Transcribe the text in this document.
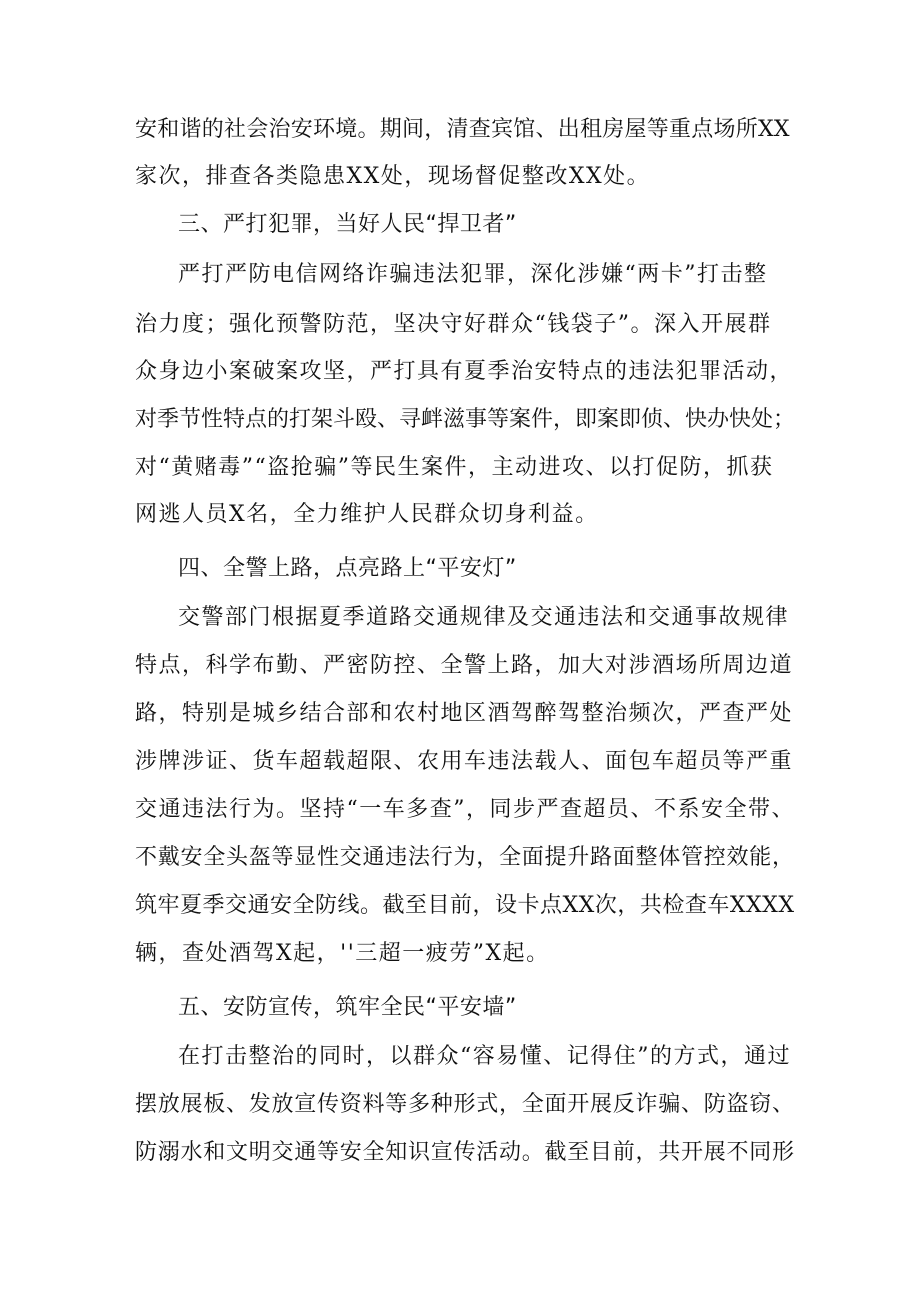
安和谐的社会治安环境。期间，清查宾馆、出租房屋等重点场所XX
家次，排查各类隐患XX处，现场督促整改XX处。
三、严打犯罪，当好人民“捍卫者”
严打严防电信网络诈骗违法犯罪，深化涉嫌“两卡”打击整
治力度；强化预警防范，坚决守好群众“钱袋子”。深入开展群
众身边小案破案攻坚，严打具有夏季治安特点的违法犯罪活动，
对季节性特点的打架斗殴、寻衅滋事等案件，即案即侦、快办快处；
对“黄赌毒”“盗抢骗”等民生案件，主动进攻、以打促防，抓获
网逃人员X名，全力维护人民群众切身利益。
四、全警上路，点亮路上“平安灯”
交警部门根据夏季道路交通规律及交通违法和交通事故规律
特点，科学布勤、严密防控、全警上路，加大对涉酒场所周边道
路，特别是城乡结合部和农村地区酒驾醉驾整治频次，严查严处
涉牌涉证、货车超载超限、农用车违法载人、面包车超员等严重
交通违法行为。坚持“一车多查”，同步严查超员、不系安全带、
不戴安全头盔等显性交通违法行为，全面提升路面整体管控效能，
筑牢夏季交通安全防线。截至目前，设卡点XX次，共检查车XXXX
辆，查处酒驾X起，''三超一疲劳”X起。
五、安防宣传，筑牢全民“平安墙”
在打击整治的同时，以群众“容易懂、记得住”的方式，通过
摆放展板、发放宣传资料等多种形式，全面开展反诈骗、防盗窃、
防溺水和文明交通等安全知识宣传活动。截至目前，共开展不同形
